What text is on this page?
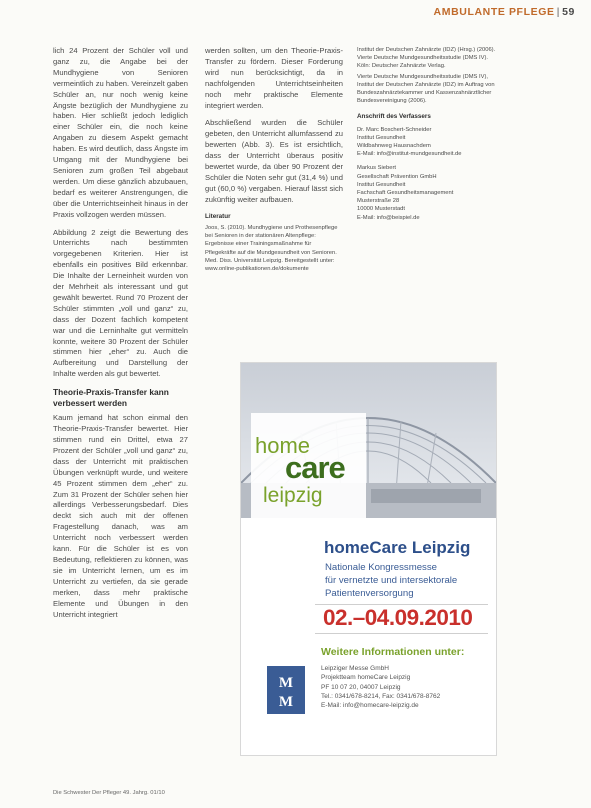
AMBULANTE PFLEGE | 59

lich 24 Prozent der Schüler voll und ganz zu, die Angabe bei der Mundhygiene von Senioren vermeintlich zu haben. Vereinzelt gaben Schüler an, nur noch wenig keine Ängste bezüglich der Mundhygiene zu haben. Hier schließt jedoch lediglich einer Schüler ein, die noch keine Angaben zu diesem Aspekt gemacht haben. Es wird deutlich, dass Ängste im Umgang mit der Mundhygiene bei Senioren zum großen Teil abgebaut werden. Um diese gänzlich abzubauen, bedarf es weiterer Anstrengungen, die über die Unterrichtseinheit hinaus in der Praxis vollzogen werden müssen.

Abbildung 2 zeigt die Bewertung des Unterrichts nach bestimmten vorgegebenen Kriterien. Hier ist ebenfalls ein positives Bild erkennbar. Die Inhalte der Lerneinheit wurden von der Mehrheit als interessant und gut gewählt bewertet. Rund 70 Prozent der Schüler stimmten „voll und ganz“ zu, dass der Dozent fachlich kompetent war und die Lerninhalte gut vermitteln konnte, weitere 30 Prozent der Schüler stimmen hier „eher“ zu. Auch die Aufbereitung und Darstellung der Inhalte werden als gut bewertet.

Theorie-Praxis-Transfer kann verbessert werden

Kaum jemand hat schon einmal den Theorie-Praxis-Transfer bewertet. Hier stimmen rund ein Drittel, etwa 27 Prozent der Schüler „voll und ganz“ zu, dass der Unterricht mit praktischen Übungen verknüpft wurde, und weitere 45 Prozent stimmen dem „eher“ zu. Zum 31 Prozent der Schüler sehen hier allerdings Verbesserungsbedarf. Dies deckt sich auch mit der offenen Fragestellung danach, was am Unterricht noch verbessert werden kann. Für die Schüler ist es von Bedeutung, reflektieren zu können, was sie im Unterricht lernen, um es im Unterricht zu vertiefen, da sie gerade merken, dass mehr praktische Elemente und Übungen in den Unterricht integriert

werden sollten, um den Theorie-Praxis-Transfer zu fördern. Dieser Forderung wird nun berücksichtigt, da in nachfolgenden Unterrichtseinheiten noch mehr praktische Elemente integriert werden.

Abschließend wurden die Schüler gebeten, den Unterricht allumfassend zu bewerten (Abb. 3). Es ist ersichtlich, dass der Unterricht überaus positiv bewertet wurde, da über 90 Prozent der Schüler die Noten sehr gut (31,4 %) und gut (60,0 %) vergaben. Hierauf lässt sich zukünftig weiter aufbauen.

Literatur
Joos, S. (2010). Mundhygiene und Prothesenpflege bei Senioren in der stationären Altenpflege: Ergebnisse einer Trainingsmaßnahme für Pflegekräfte auf die Mundgesundheit von Senioren. Med. Diss. Universität Leipzig. Bereitgestellt unter: www.online-publikationen.de/dokumente
Institut der Deutschen Zahnärzte (IDZ) (Hrsg.) (2006). Vierte Deutsche Mundgesundheitsstudie (DMS IV). Köln: Deutscher Zahnärzte Verlag.
Vierte Deutsche Mundgesundheitsstudie (DMS IV), Institut der Deutschen Zahnärzte (IDZ) im Auftrag von Bundeszahnärztekammer und Kassenzahnärztlicher Bundesvereinigung (2006).
Anschrift des Verfassers
Dr. Marc Boschert-Schneider
Institut Gesundheit
Wildbahnweg Hausnachdem
E-Mail: info@institut-mundgesundheit.de
Markus Siebert
Gesellschaft Prävention GmbH
Institut Gesundheit
Fachschaft Gesundheitsmanagement
Musterstraße 28
10000 Musterstadt
E-Mail: info@beispiel.de
home
care
leipzig
homeCare Leipzig
Nationale Kongressmesse
für vernetzte und intersektorale
Patientenversorgung
02.–04.09.2010
Weitere Informationen unter:
M
M
Leipziger Messe GmbH
Projektteam homeCare Leipzig
PF 10 07 20, 04007 Leipzig
Tel.: 0341/678-8214, Fax: 0341/678-8762
E-Mail: info@homecare-leipzig.de
Die Schwester Der Pfleger 49. Jahrg. 01/10
